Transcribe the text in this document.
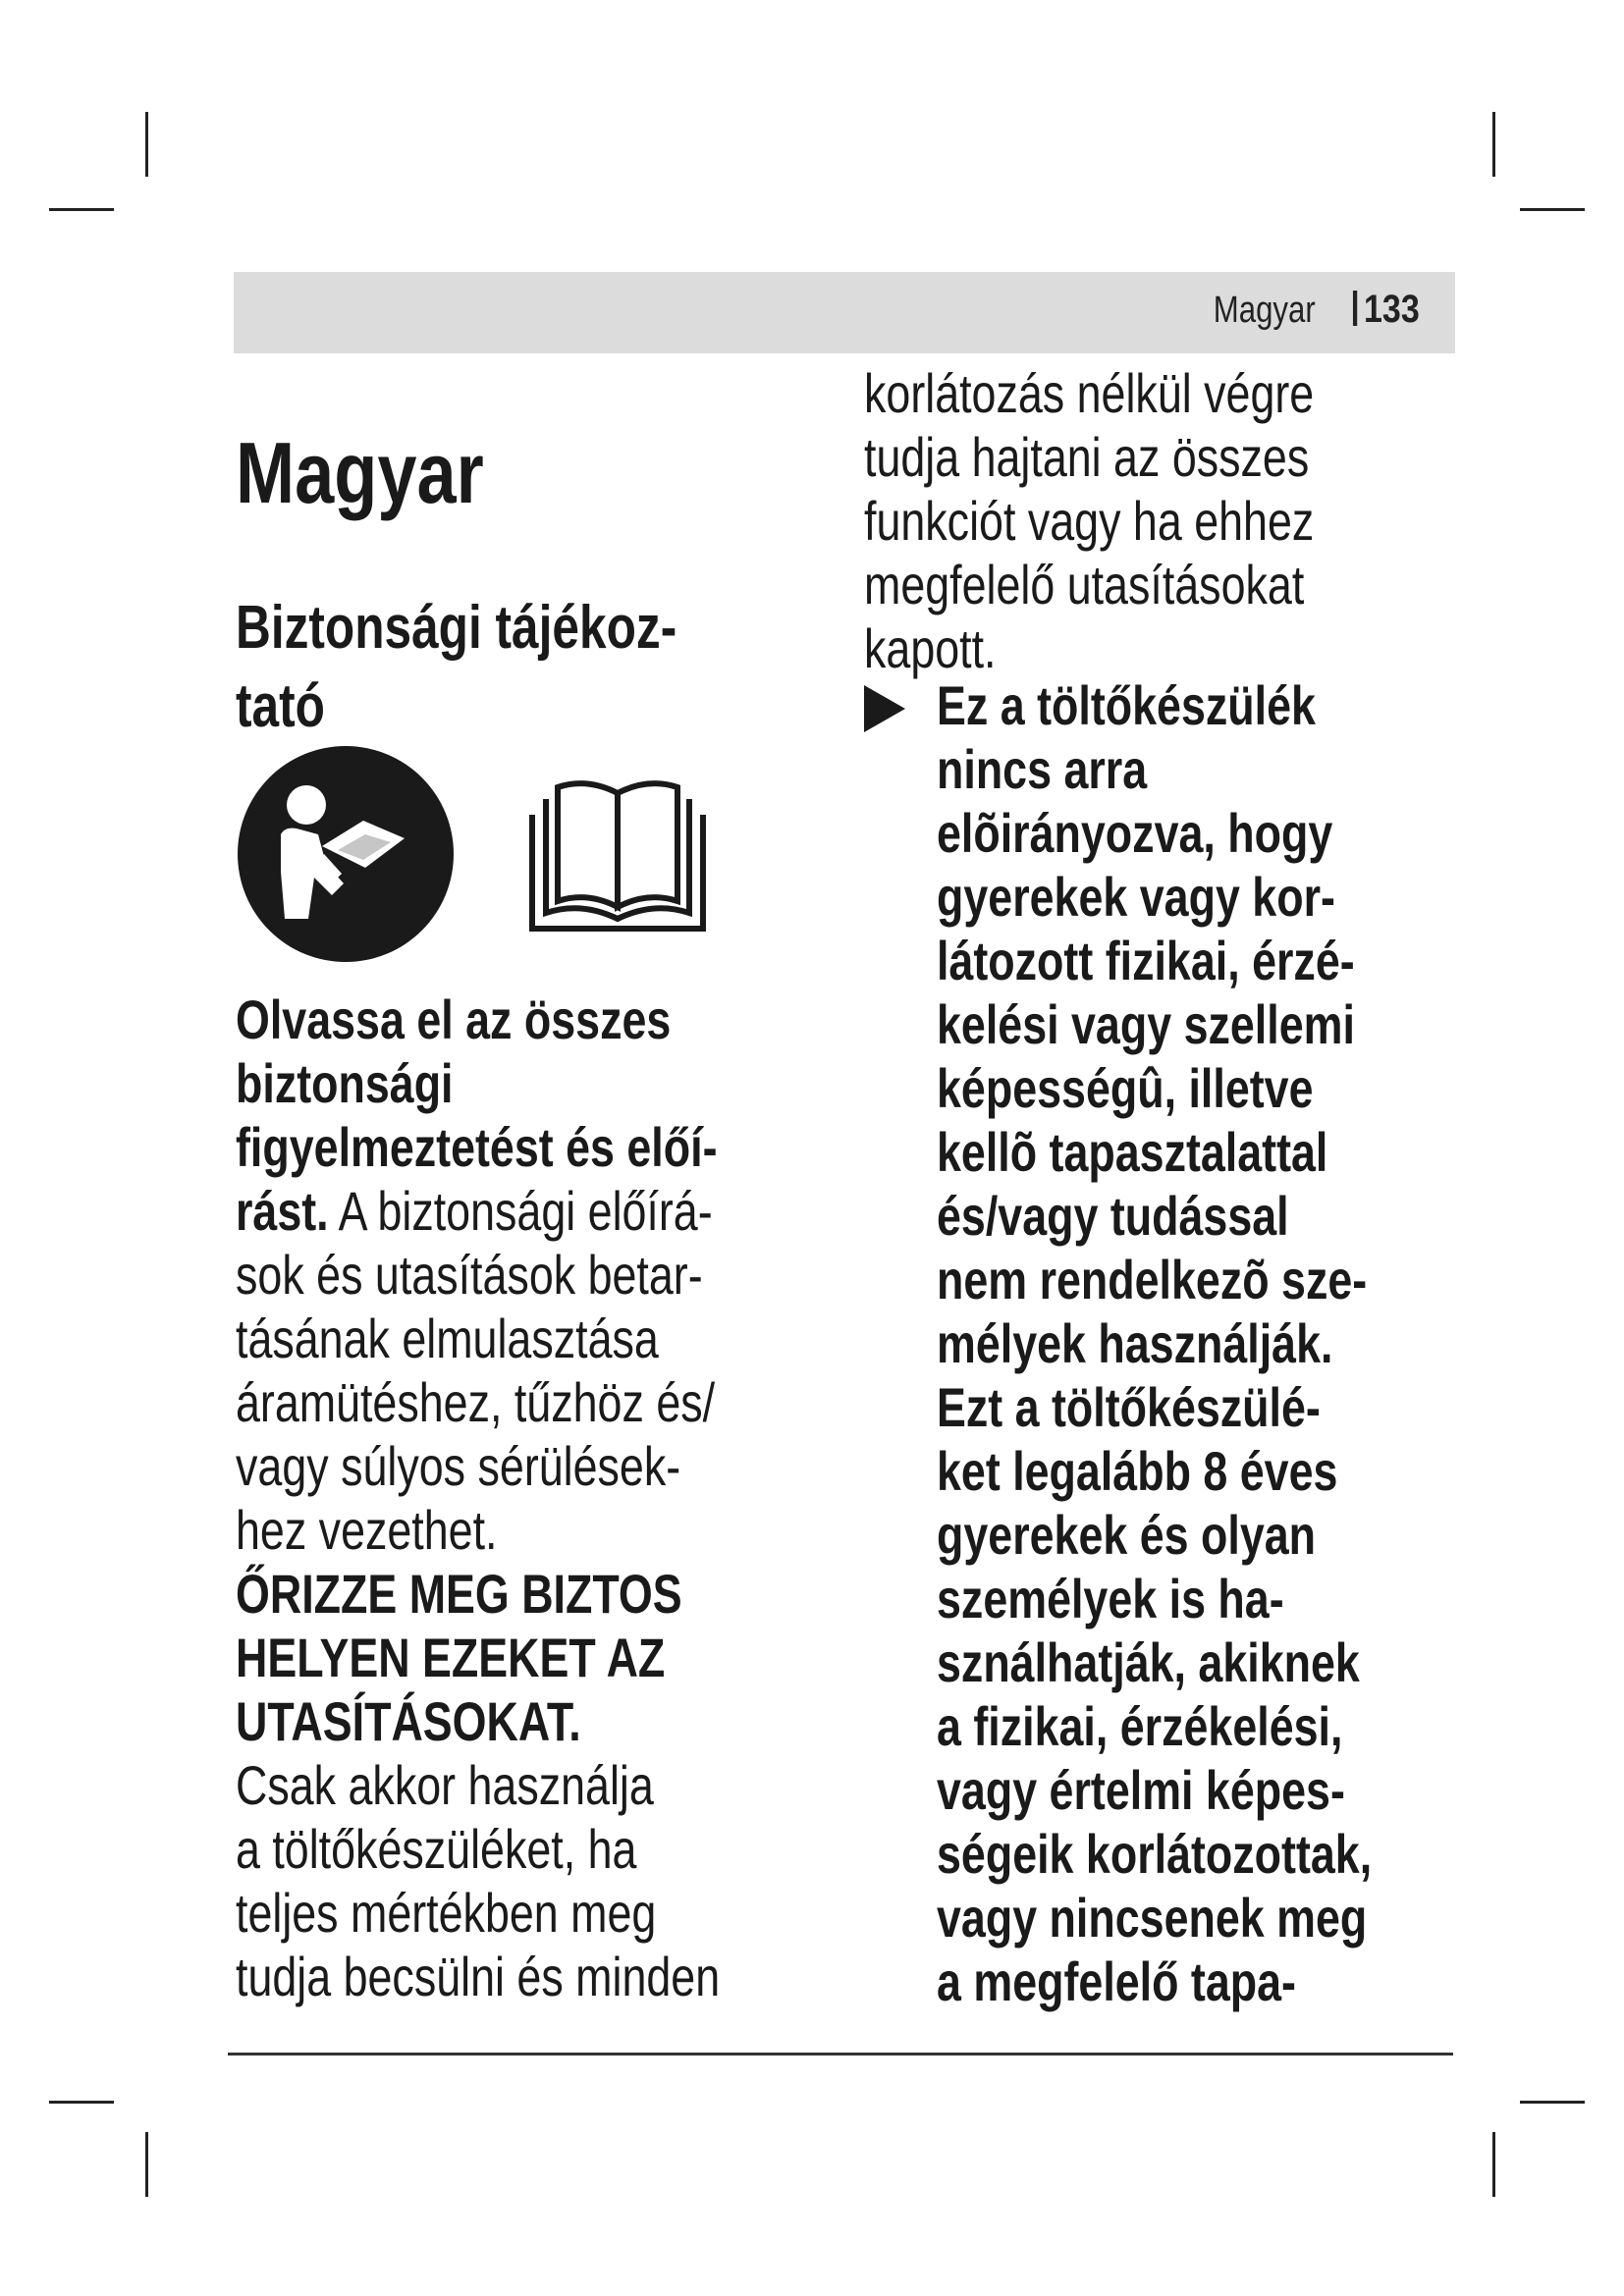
Magyar 133
Magyar
Biztonsági tájékoz-
tató
Olvassa el az összes
biztonsági
figyelmeztetést és előí-
rást. A biztonsági előírá-
sok és utasítások betar-
tásának elmulasztása
áramütéshez, tűzhöz és/
vagy súlyos sérülések-
hez vezethet.
ŐRIZZE MEG BIZTOS
HELYEN EZEKET AZ
UTASÍTÁSOKAT.
Csak akkor használja
a töltőkészüléket, ha
teljes mértékben meg
tudja becsülni és minden
korlátozás nélkül végre
tudja hajtani az összes
funkciót vagy ha ehhez
megfelelő utasításokat
kapott.
Ez a töltőkészülék
nincs arra
elõirányozva, hogy
gyerekek vagy kor-
látozott fizikai, érzé-
kelési vagy szellemi
képességû, illetve
kellõ tapasztalattal
és/vagy tudással
nem rendelkezõ sze-
mélyek használják.
Ezt a töltőkészülé-
ket legalább 8 éves
gyerekek és olyan
személyek is ha-
sználhatják, akiknek
a fizikai, érzékelési,
vagy értelmi képes-
ségeik korlátozottak,
vagy nincsenek meg
a megfelelő tapa-
